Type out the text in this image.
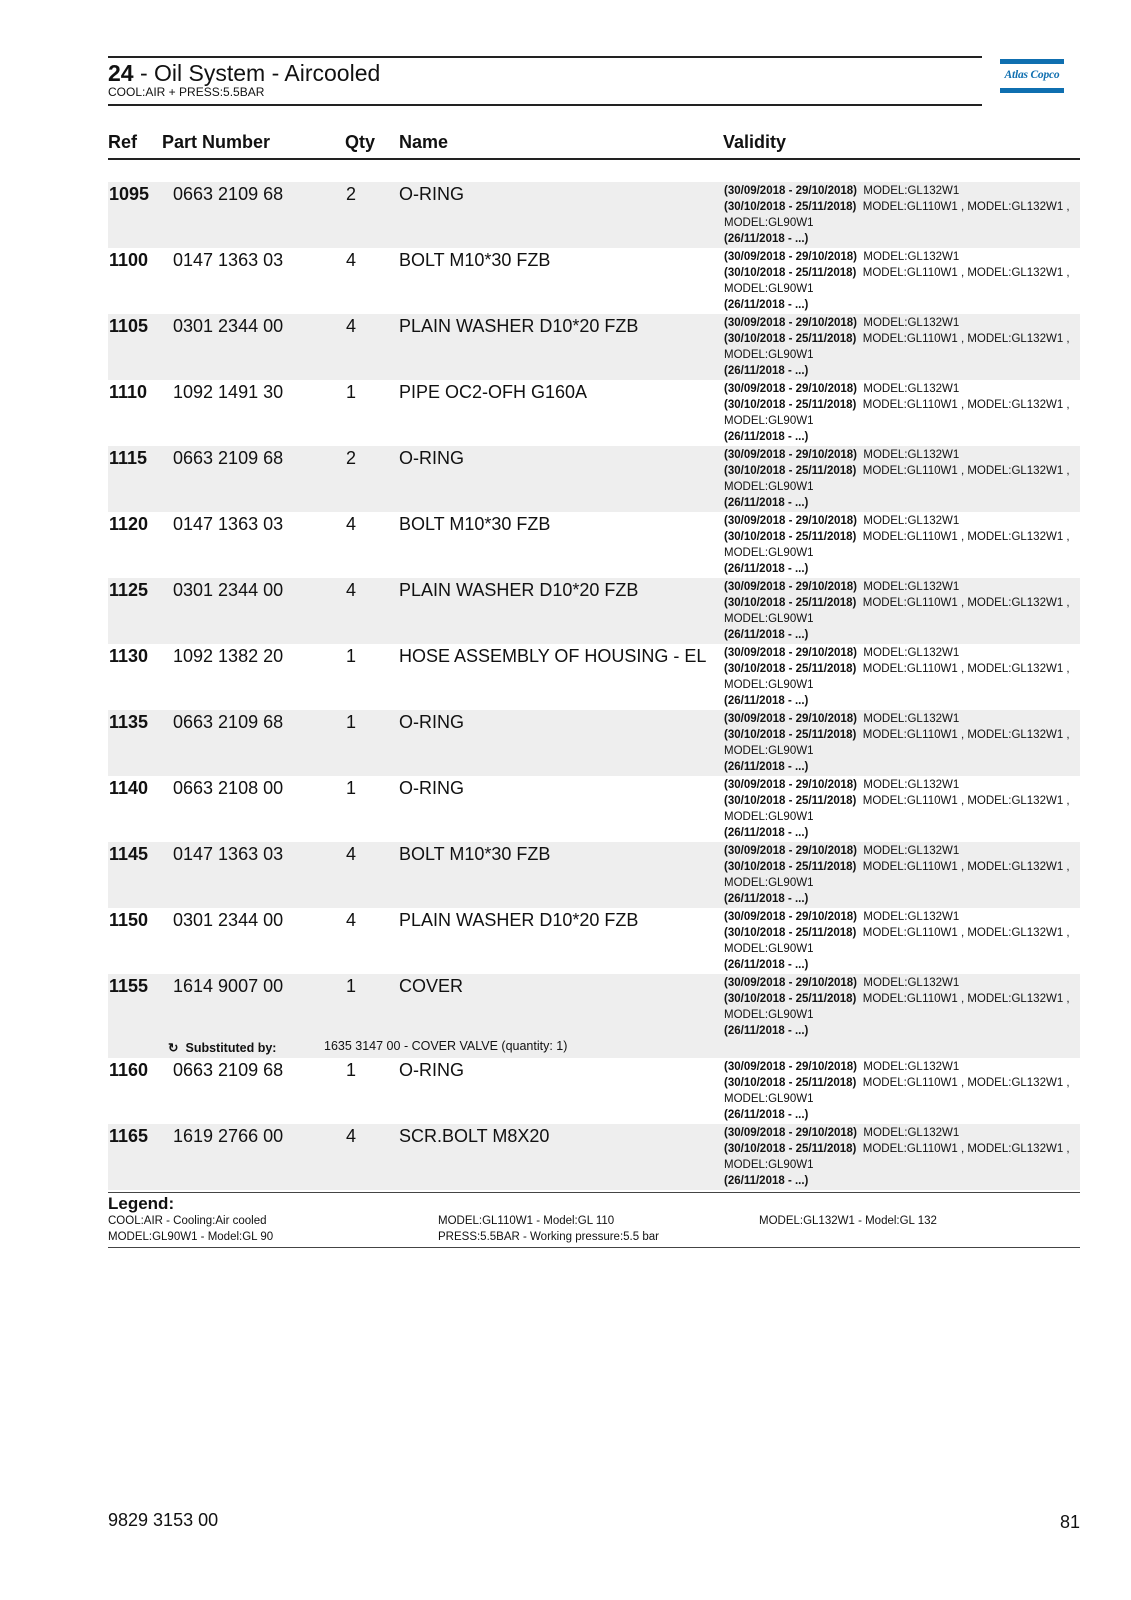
24 - Oil System - Aircooled
COOL:AIR + PRESS:5.5BAR
Atlas Copco
Ref Part Number	Qty Name	Validity
1095 0663 2109 68	2 O-RING	(30/09/2018 - 29/10/2018) MODEL:GL132W1
(30/10/2018 - 25/11/2018) MODEL:GL110W1 , MODEL:GL132W1 ,
MODEL:GL90W1
(26/11/2018 - ...)
1100 0147 1363 03	4 BOLT M10*30 FZB	(30/09/2018 - 29/10/2018) MODEL:GL132W1
(30/10/2018 - 25/11/2018) MODEL:GL110W1 , MODEL:GL132W1 ,
MODEL:GL90W1
(26/11/2018 - ...)
1105 0301 2344 00	4 PLAIN WASHER D10*20 FZB	(30/09/2018 - 29/10/2018) MODEL:GL132W1
(30/10/2018 - 25/11/2018) MODEL:GL110W1 , MODEL:GL132W1 ,
MODEL:GL90W1
(26/11/2018 - ...)
1110 1092 1491 30	1 PIPE OC2-OFH G160A	(30/09/2018 - 29/10/2018) MODEL:GL132W1
(30/10/2018 - 25/11/2018) MODEL:GL110W1 , MODEL:GL132W1 ,
MODEL:GL90W1
(26/11/2018 - ...)
1115 0663 2109 68	2 O-RING	(30/09/2018 - 29/10/2018) MODEL:GL132W1
(30/10/2018 - 25/11/2018) MODEL:GL110W1 , MODEL:GL132W1 ,
MODEL:GL90W1
(26/11/2018 - ...)
1120 0147 1363 03	4 BOLT M10*30 FZB	(30/09/2018 - 29/10/2018) MODEL:GL132W1
(30/10/2018 - 25/11/2018) MODEL:GL110W1 , MODEL:GL132W1 ,
MODEL:GL90W1
(26/11/2018 - ...)
1125 0301 2344 00	4 PLAIN WASHER D10*20 FZB	(30/09/2018 - 29/10/2018) MODEL:GL132W1
(30/10/2018 - 25/11/2018) MODEL:GL110W1 , MODEL:GL132W1 ,
MODEL:GL90W1
(26/11/2018 - ...)
1130 1092 1382 20	1 HOSE ASSEMBLY OF HOUSING - EL (30/09/2018 - 29/10/2018) MODEL:GL132W1
(30/10/2018 - 25/11/2018) MODEL:GL110W1 , MODEL:GL132W1 ,
MODEL:GL90W1
(26/11/2018 - ...)
1135 0663 2109 68	1 O-RING	(30/09/2018 - 29/10/2018) MODEL:GL132W1
(30/10/2018 - 25/11/2018) MODEL:GL110W1 , MODEL:GL132W1 ,
MODEL:GL90W1
(26/11/2018 - ...)
1140 0663 2108 00	1 O-RING	(30/09/2018 - 29/10/2018) MODEL:GL132W1
(30/10/2018 - 25/11/2018) MODEL:GL110W1 , MODEL:GL132W1 ,
MODEL:GL90W1
(26/11/2018 - ...)
1145 0147 1363 03	4 BOLT M10*30 FZB	(30/09/2018 - 29/10/2018) MODEL:GL132W1
(30/10/2018 - 25/11/2018) MODEL:GL110W1 , MODEL:GL132W1 ,
MODEL:GL90W1
(26/11/2018 - ...)
1150 0301 2344 00	4 PLAIN WASHER D10*20 FZB	(30/09/2018 - 29/10/2018) MODEL:GL132W1
(30/10/2018 - 25/11/2018) MODEL:GL110W1 , MODEL:GL132W1 ,
MODEL:GL90W1
(26/11/2018 - ...)
1155 1614 9007 00	1 COVER	(30/09/2018 - 29/10/2018) MODEL:GL132W1
(30/10/2018 - 25/11/2018) MODEL:GL110W1 , MODEL:GL132W1 ,
MODEL:GL90W1
(26/11/2018 - ...)
↻ Substituted by:	1635 3147 00 - COVER VALVE (quantity: 1)
1160 0663 2109 68	1 O-RING	(30/09/2018 - 29/10/2018) MODEL:GL132W1
(30/10/2018 - 25/11/2018) MODEL:GL110W1 , MODEL:GL132W1 ,
MODEL:GL90W1
(26/11/2018 - ...)
1165 1619 2766 00	4 SCR.BOLT M8X20	(30/09/2018 - 29/10/2018) MODEL:GL132W1
(30/10/2018 - 25/11/2018) MODEL:GL110W1 , MODEL:GL132W1 ,
MODEL:GL90W1
(26/11/2018 - ...)
Legend:
COOL:AIR - Cooling:Air cooled
MODEL:GL90W1 - Model:GL 90
MODEL:GL110W1 - Model:GL 110
PRESS:5.5BAR - Working pressure:5.5 bar
MODEL:GL132W1 - Model:GL 132
9829 3153 00	81
